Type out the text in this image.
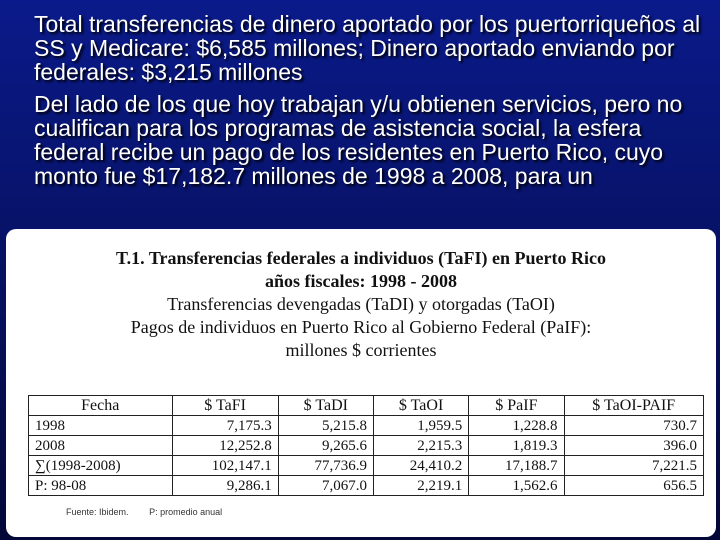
Total transferencias de dinero aportado por los puertorriqueños al SS y Medicare: $6,585 millones; Dinero aportado enviando por federales: $3,215 millones

Del lado de los que hoy trabajan y/u obtienen servicios, pero no cualifican para los programas de asistencia social, la esfera federal recibe un pago de los residentes en Puerto Rico, cuyo monto fue $17,182.7 millones de 1998 a 2008, para un

T.1. Transferencias federales a individuos (TaFI) en Puerto Rico
años fiscales: 1998 - 2008
Transferencias devengadas (TaDI) y otorgadas (TaOI)
Pagos de individuos en Puerto Rico al Gobierno Federal (PaIF):
millones $ corrientes
Fecha	$ TaFI	$ TaDI	$ TaOI	$ PaIF	$ TaOI-PAIF
1998	7,175.3	5,215.8	1,959.5	1,228.8	730.7
2008	12,252.8	9,265.6	2,215.3	1,819.3	396.0
∑(1998-2008)	102,147.1	77,736.9	24,410.2	17,188.7	7,221.5
P: 98-08	9,286.1	7,067.0	2,219.1	1,562.6	656.5
Fuente: Ibidem. P: promedio anual
